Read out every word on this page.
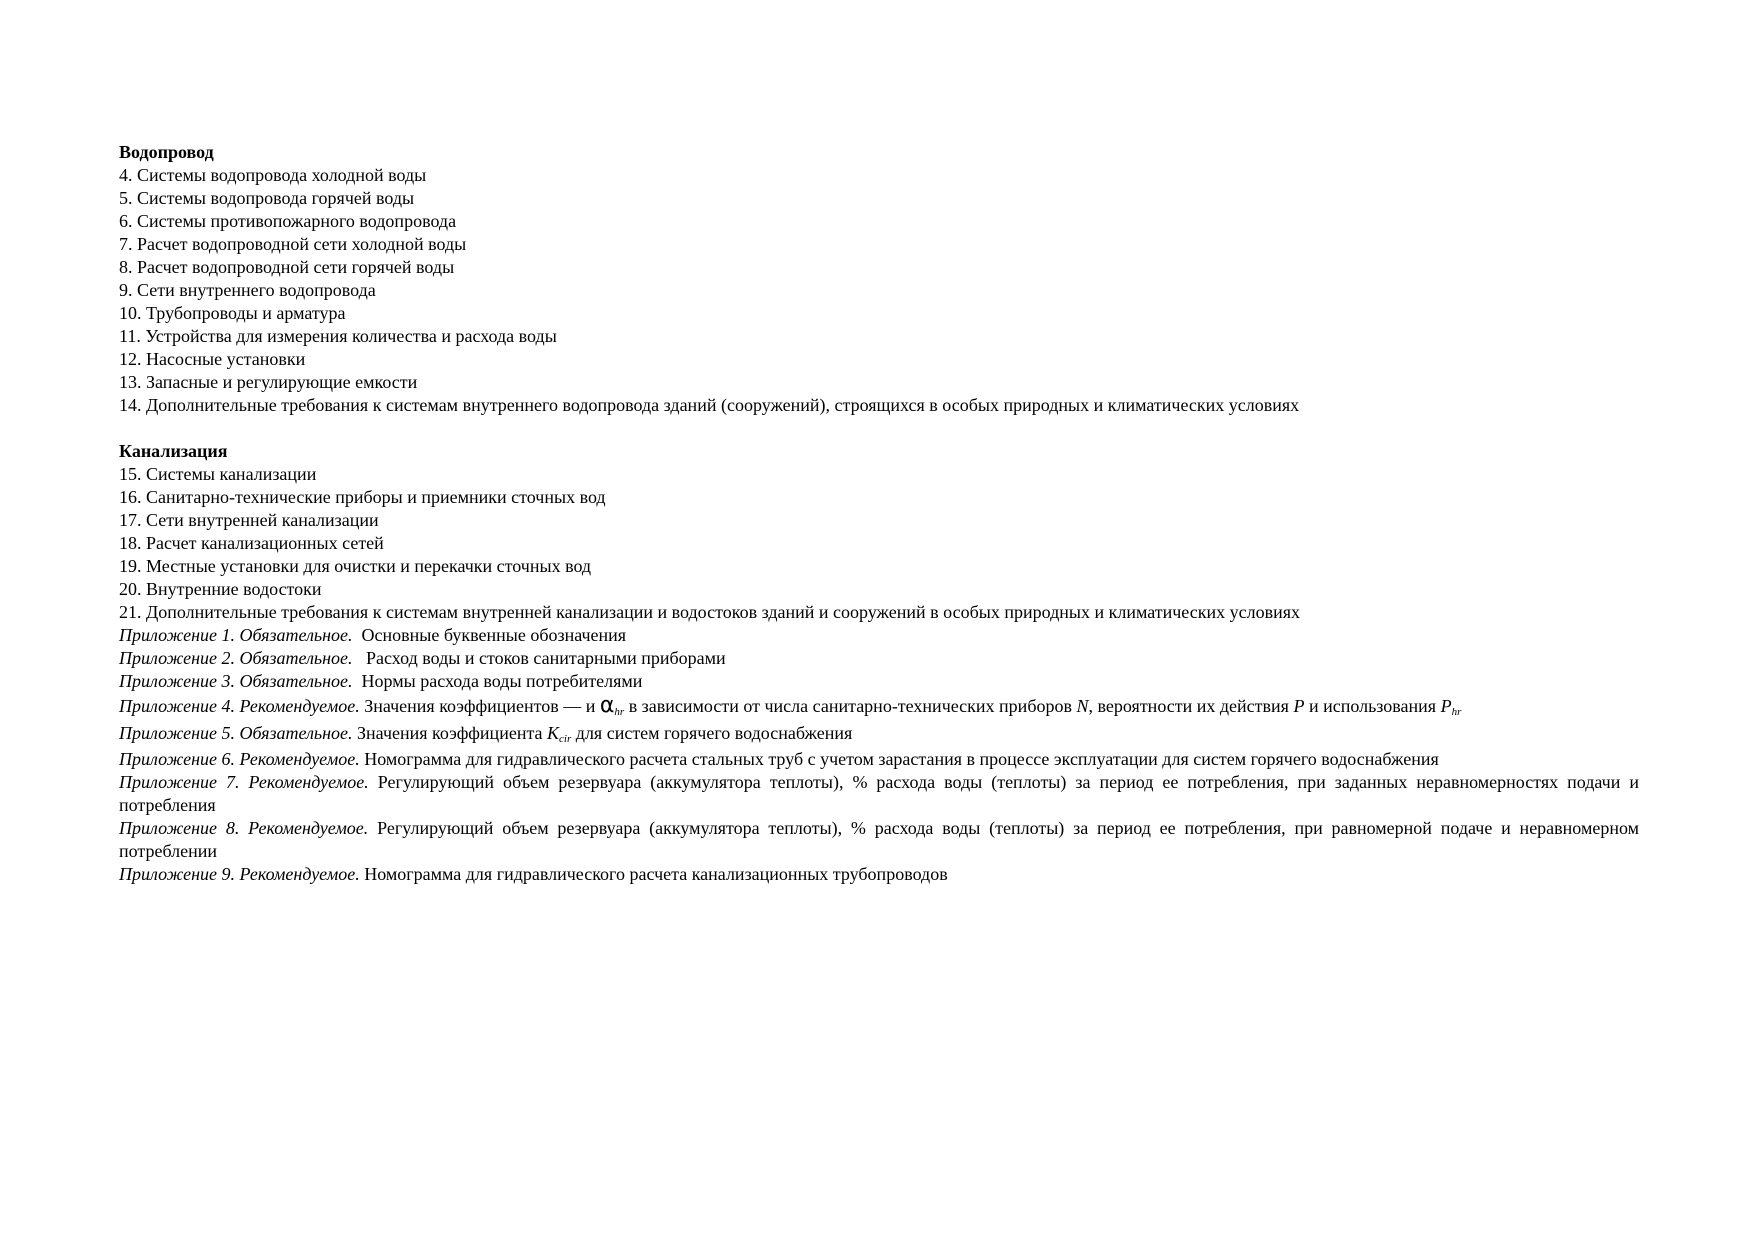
Водопровод
4. Системы водопровода холодной воды
5. Системы водопровода горячей воды
6. Системы противопожарного водопровода
7. Расчет водопроводной сети холодной воды
8. Расчет водопроводной сети горячей воды
9. Сети внутреннего водопровода
10. Трубопроводы и арматура
11. Устройства для измерения количества и расхода воды
12. Насосные установки
13. Запасные и регулирующие емкости
14. Дополнительные требования к системам внутреннего водопровода зданий (сооружений), строящихся в особых природных и климатических условиях
Канализация
15. Системы канализации
16. Санитарно-технические приборы и приемники сточных вод
17. Сети внутренней канализации
18. Расчет канализационных сетей
19. Местные установки для очистки и перекачки сточных вод
20. Внутренние водостоки
21. Дополнительные требования к системам внутренней канализации и водостоков зданий и сооружений в особых природных и климатических условиях
Приложение 1. Обязательное. Основные буквенные обозначения
Приложение 2. Обязательное. Расход воды и стоков санитарными приборами
Приложение 3. Обязательное. Нормы расхода воды потребителями
Приложение 4. Рекомендуемое. Значения коэффициентов — и αhr в зависимости от числа санитарно-технических приборов N, вероятности их действия P и использования Phr
Приложение 5. Обязательное. Значения коэффициента Kcir для систем горячего водоснабжения
Приложение 6. Рекомендуемое. Номограмма для гидравлического расчета стальных труб с учетом зарастания в процессе эксплуатации для систем горячего водоснабжения
Приложение 7. Рекомендуемое. Регулирующий объем резервуара (аккумулятора теплоты), % расхода воды (теплоты) за период ее потребления, при заданных неравномерностях подачи и потребления
Приложение 8. Рекомендуемое. Регулирующий объем резервуара (аккумулятора теплоты), % расхода воды (теплоты) за период ее потребления, при равномерной подаче и неравномерном потреблении
Приложение 9. Рекомендуемое. Номограмма для гидравлического расчета канализационных трубопроводов
